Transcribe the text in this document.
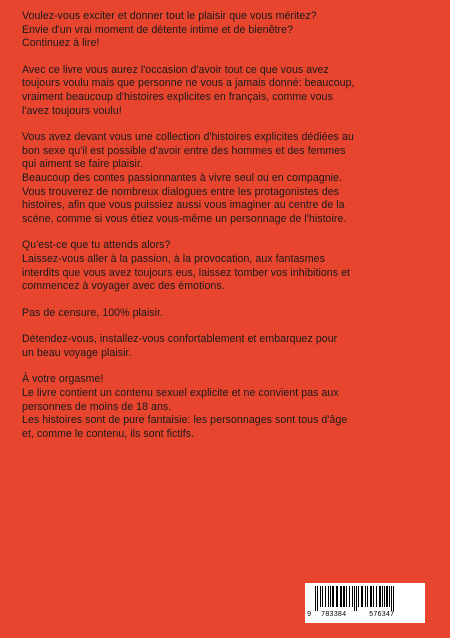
Voulez-vous exciter et donner tout le plaisir que vous méritez?
Envie d'un vrai moment de détente intime et de bienêtre?
Continuez à lire!

Avec ce livre vous aurez l'occasion d'avoir tout ce que vous avez
toujours voulu mais que personne ne vous a jamais donné: beaucoup,
vraiment beaucoup d'histoires explicites en français, comme vous
l'avez toujours voulu!

Vous avez devant vous une collection d'histoires explicites dédiées au
bon sexe qu'il est possible d'avoir entre des hommes et des femmes
qui aiment se faire plaisir.
Beaucoup des contes passionnantes à vivre seul ou en compagnie.
Vous trouverez de nombreux dialogues entre les protagonistes des
histoires, afin que vous puissiez aussi vous imaginer au centre de la
scène, comme si vous étiez vous-même un personnage de l'histoire.

Qu'est-ce que tu attends alors?
Laissez-vous aller à la passion, à la provocation, aux fantasmes
interdits que vous avez toujours eus, laissez tomber vos inhibitions et
commencez à voyager avec des émotions.

Pas de censure, 100% plaisir.

Détendez-vous, installez-vous confortablement et embarquez pour
un beau voyage plaisir.

À votre orgasme!
Le livre contient un contenu sexuel explicite et ne convient pas aux
personnes de moins de 18 ans.
Les histoires sont de pure fantaisie: les personnages sont tous d'âge
et, comme le contenu, ils sont fictifs.

9 783384	576347
